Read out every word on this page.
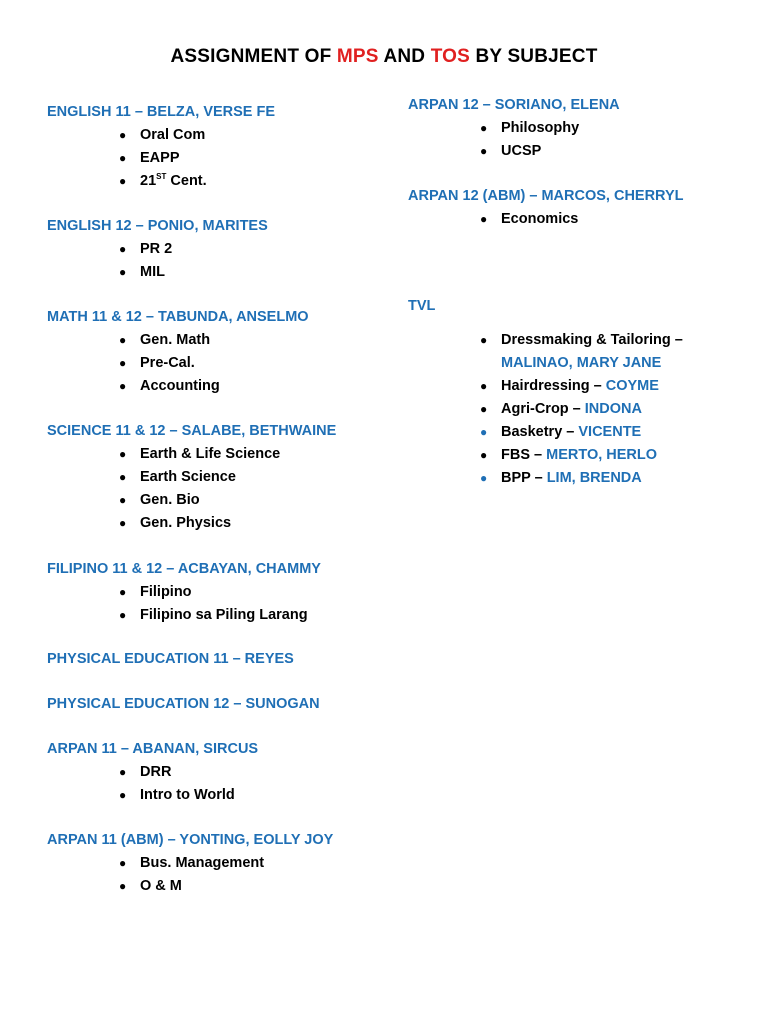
ASSIGNMENT OF MPS AND TOS BY SUBJECT
ENGLISH 11 – BELZA, VERSE FE
● Oral Com
● EAPP
● 21ST Cent.
ENGLISH 12 – PONIO, MARITES
● PR 2
● MIL
MATH 11 & 12 – TABUNDA, ANSELMO
● Gen. Math
● Pre-Cal.
● Accounting
SCIENCE 11 & 12 – SALABE, BETHWAINE
● Earth & Life Science
● Earth Science
● Gen. Bio
● Gen. Physics
FILIPINO 11 & 12 – ACBAYAN, CHAMMY
● Filipino
● Filipino sa Piling Larang
PHYSICAL EDUCATION 11 – REYES
PHYSICAL EDUCATION 12 – SUNOGAN
ARPAN 11 – ABANAN, SIRCUS
● DRR
● Intro to World
ARPAN 11 (ABM) – YONTING, EOLLY JOY
● Bus. Management
● O & M
ARPAN 12 – SORIANO, ELENA
● Philosophy
● UCSP
ARPAN 12 (ABM) – MARCOS, CHERRYL
● Economics
TVL
● Dressmaking & Tailoring –
MALINAO, MARY JANE
● Hairdressing – COYME
● Agri-Crop – INDONA
● Basketry – VICENTE
● FBS – MERTO, HERLO
● BPP – LIM, BRENDA
